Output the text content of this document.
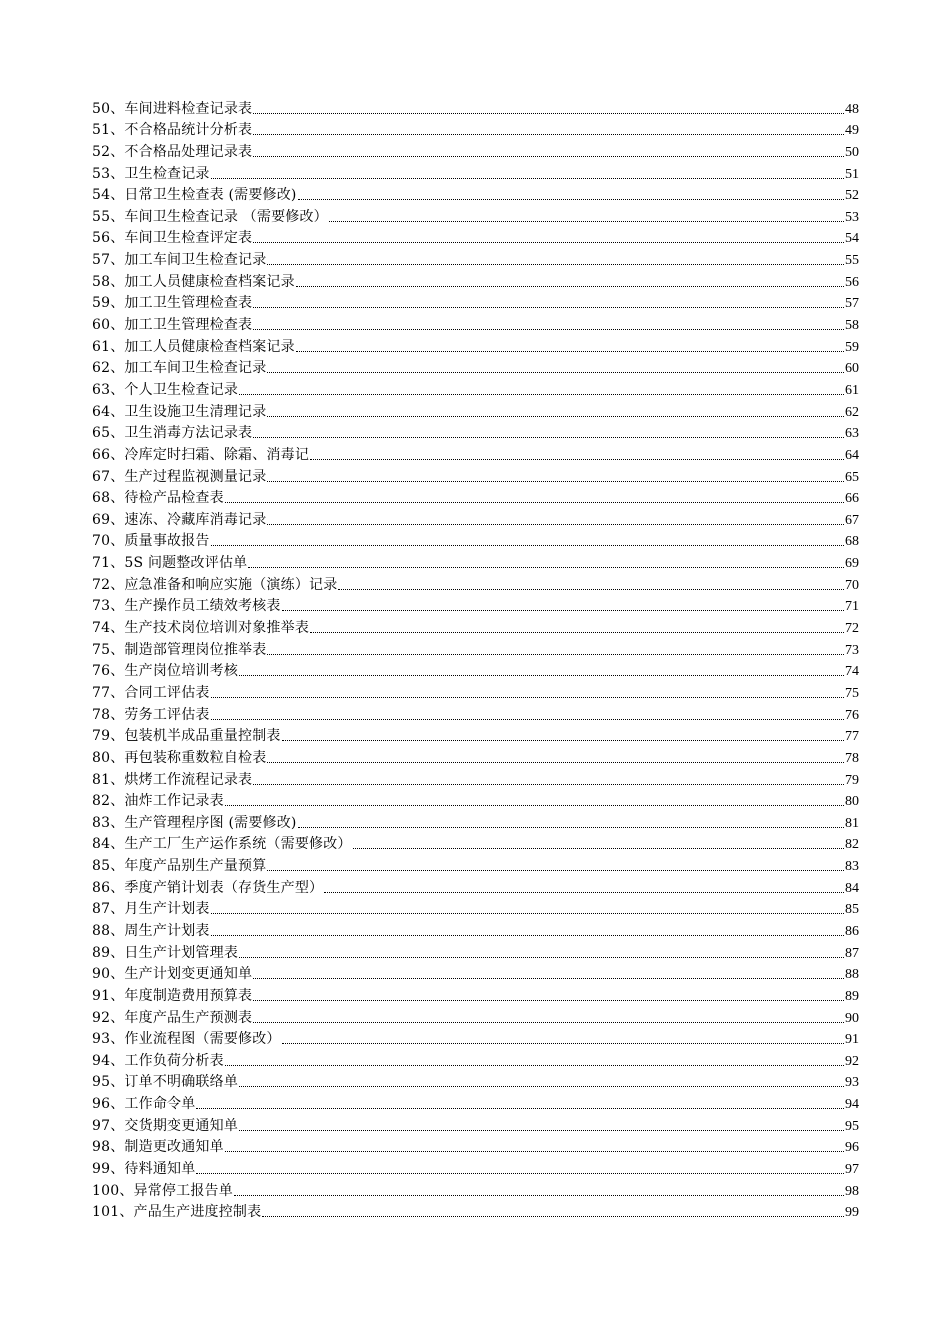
50、车间进料检查记录表	48
51、不合格品统计分析表	49
52、不合格品处理记录表	50
53、卫生检查记录	51
54、日常卫生检查表 (需要修改)	52
55、车间卫生检查记录 （需要修改）	53
56、车间卫生检查评定表	54
57、加工车间卫生检查记录	55
58、加工人员健康检查档案记录	56
59、加工卫生管理检查表	57
60、加工卫生管理检查表	58
61、加工人员健康检查档案记录	59
62、加工车间卫生检查记录	60
63、个人卫生检查记录	61
64、卫生设施卫生清理记录	62
65、卫生消毒方法记录表	63
66、冷库定时扫霜、除霜、消毒记	64
67、生产过程监视测量记录	65
68、待检产品检查表	66
69、速冻、冷藏库消毒记录	67
70、质量事故报告	68
71、5S 问题整改评估单	69
72、应急准备和响应实施（演练）记录	70
73、生产操作员工绩效考核表	71
74、生产技术岗位培训对象推举表	72
75、制造部管理岗位推举表	73
76、生产岗位培训考核	74
77、合同工评估表	75
78、劳务工评估表	76
79、包装机半成品重量控制表	77
80、再包装称重数粒自检表	78
81、烘烤工作流程记录表	79
82、油炸工作记录表	80
83、生产管理程序图 (需要修改)	81
84、生产工厂生产运作系统（需要修改）	82
85、年度产品别生产量预算	83
86、季度产销计划表（存货生产型）	84
87、月生产计划表	85
88、周生产计划表	86
89、日生产计划管理表	87
90、生产计划变更通知单	88
91、年度制造费用预算表	89
92、年度产品生产预测表	90
93、作业流程图（需要修改）	91
94、工作负荷分析表	92
95、订单不明确联络单	93
96、工作命令单	94
97、交货期变更通知单	95
98、制造更改通知单	96
99、待料通知单	97
100、异常停工报告单	98
101、产品生产进度控制表	99
